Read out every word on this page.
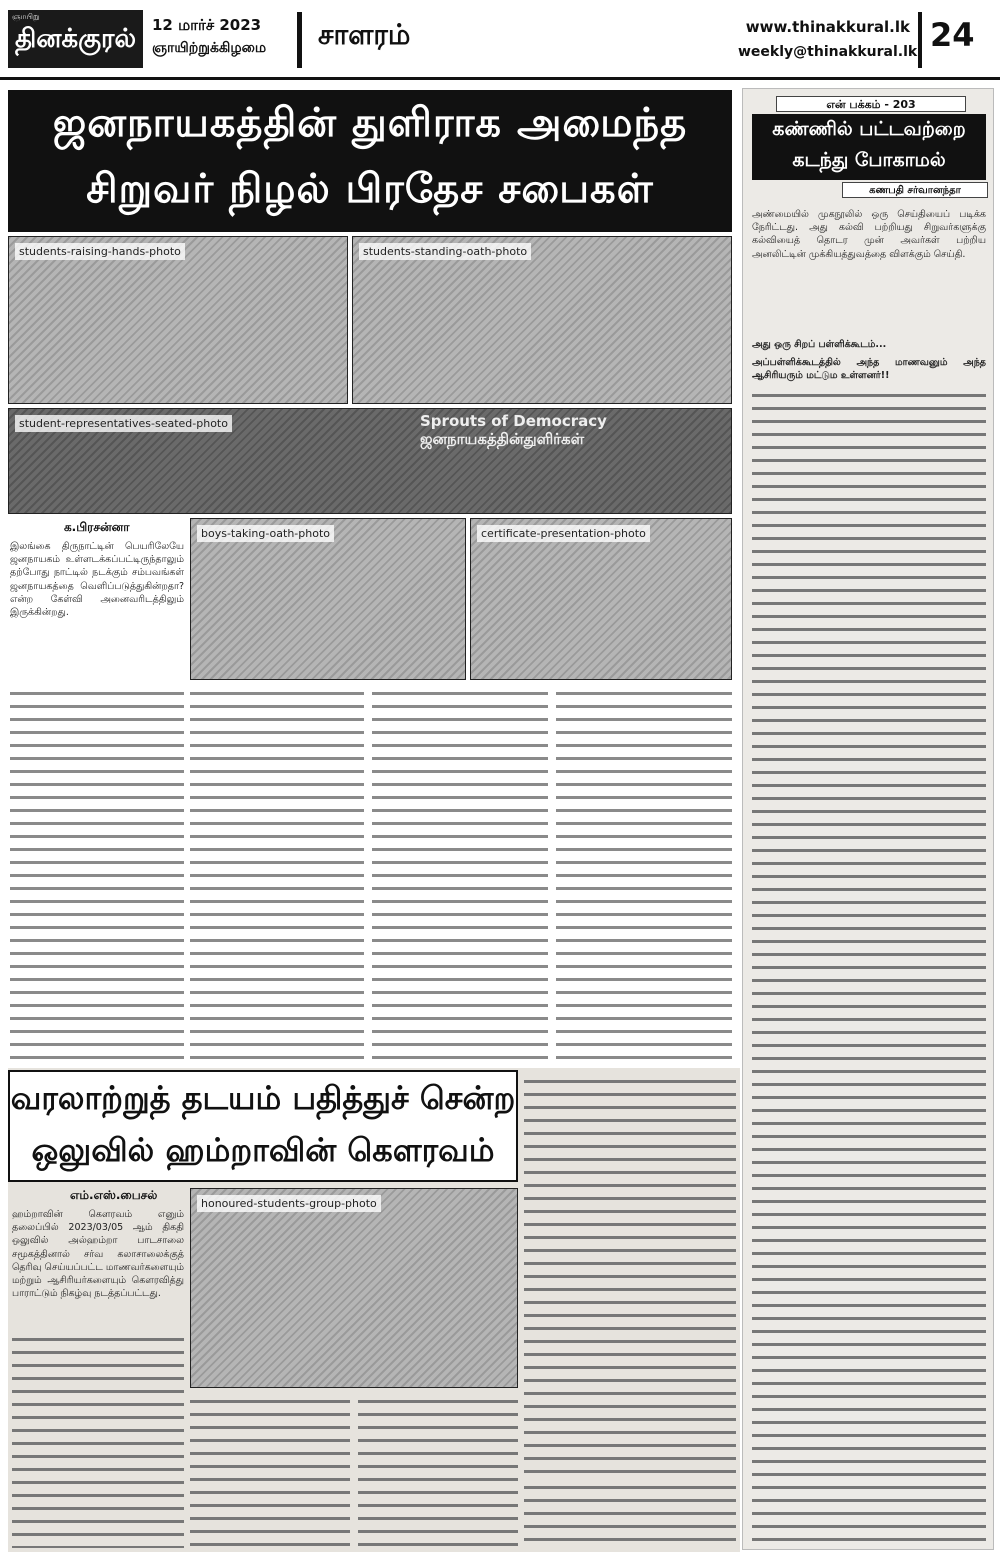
தினக்குரல்
ஞாயிறு	12 மார்ச் 2023
ஞாயிற்றுக்கிழமை சாளரம்	www.thinakkural.lk
weekly@thinakkural.lk 24
ஜனநாயகத்தின் துளிராக அமைந்த
சிறுவர் நிழல் பிரதேச சபைகள்
students-raising-hands-photo	students-standing-oath-photo
student-representatives-seated-photo	Sprouts of Democracy
ஜனநாயகத்தின்துளிர்கள்
boys-taking-oath-photo	certificate-presentation-photo
க.பிரசன்னா
இலங்கை திருநாட்டின் பெயரிலேயே ஜனநாயகம் உள்ளடக்கப்பட்டிருந்தாலும் தற்போது நாட்டில் நடக்கும் சம்பவங்கள் ஜனநாயகத்தை வெளிப்படுத்துகின்றதா? என்ற கேள்வி அனைவரிடத்திலும் இருக்கின்றது.
வரலாற்றுத் தடயம் பதித்துச் சென்ற
ஒலுவில் ஹம்றாவின் கௌரவம்
எம்.எஸ்.பைசல்
ஹம்றாவின் கௌரவம் எனும் தலைப்பில் 2023/03/05 ஆம் திகதி ஒலுவில் அல்ஹம்றா பாடசாலை சமூகத்தினால் சர்வ கலாசாலைக்குத் தெரிவு செய்யப்பட்ட மாணவர்களையும் மற்றும் ஆசிரியர்களையும் கௌரவித்து பாராட்டும் நிகழ்வு நடத்தப்பட்டது.
honoured-students-group-photo
என் பக்கம் - 203
கண்ணில் பட்டவற்றை
கடந்து போகாமல்
கணபதி சர்வானந்தா
அண்மையில் முகநூலில் ஒரு செய்தியைப் படிக்க நேரிட்டது. அது கல்வி பற்றியது சிறுவர்களுக்கு கல்வியைத் தொடர முன் அவர்கள் பற்றிய அனலிட்டின் முக்கியத்துவத்தை விளக்கும் செய்தி.
அது ஒரு சிறப் பள்ளிக்கூடம்...
அப்பள்ளிக்கூடத்தில் அந்த மாணவனும் அந்த ஆசிரியரும் மட்டும உள்ளனர்!!
